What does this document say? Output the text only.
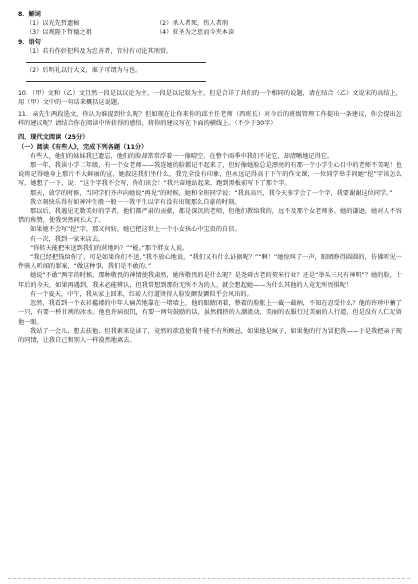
8．解词
（1）以光先哲遗稿	（2）杀人者死，伤人者刑
（3）以观陛下哲德之祖	（4）亚圣为之思而今夹本读
9．语句
（1）若有作奸犯科及为忠善者，宜付有司论其刑赏。
（2）后明礼以行大义，谁子可谓为与也。
10．（甲）文和（乙）文且然一段是以议论为主，一段是以记叙为主，但是合详了共们的一个相同的说题，请在结合（乙）文说宋的高结上，用（甲）文中的一句话来概括这说题。
11．亲先生两段选文，你认为谁提到什么呢？但如现在让你来你的邱主任老师（西班长）对今后的班级管理工作提出一条建议，你会提出怎样的建议呢？请结合你在阅读中所获得的感悟，将你的建议写在下面的横线上。（不少于30字）
四、现代文阅读（25分）
（一）阅读《有些人》，完成下列各题（11分）
有些人，他们的妹妹我已遗忘，他们的脸却常常浮着一一像晴空，在整个雨季中我们不见它，却清晰地记得它。
那一年，我读小学二年级，有一个女老师——我连她的脸都记不起来了，但好像她脸总是漂亮的有那一个小学生心目中的老师不美呢！也说将记得她身上那片不大鲜丽的宣，她叙这我们坐什么，我完全没有印象，但永远记得高于下午的作文课，一位同学举手问她“挖”字该怎么写，她想了一下，说：“这个字我不会写，你们该会！”我兴奋地站起来，跑到黑板前写下了那个字。
那天，放学的时候，当同学们齐声向她说“再见”的时候，她和全班同学说：“我真高兴，我今天多学会了一个字，我要谢谢这位同学。”
我立刻快乐得有如神冲生般一般一一我平生以字有没有出现那么自豪的时刻。
那以后，我遇见无数美好的学者，他们都严肃的贡献，都是深沉的老师，但他们教给我的，远不及那个女老师多。她的谦逊，她对人不容惜的称赞，使我突然间长大了。
如果她不会写“挖”字，那又何妨，她已把这世上一个小女孩心中宝贵的自信。
有一次，我到一家米店去。
“你转天能把米送到我们的营地吗？”“能。”那个胖女人说。
“我已经把钱给你了，可是如果你们不送，”我不放心地说，“我们又有什么证据呢？”“啊！”她惊叫了一声，眼睛睁得圆圆的，仿佛听见一件骇人听闻的罪案，“做这种事，我们是不敢的。”
她说“不敢”两字的时候，那种敬畏的神情使我肃然，她所敬畏的是什么呢？是尧舜古老的契米行业？还是“举头三尺有神明”？她的脸，十年后的今天，如果再遇到，我未必能辨认，但我常想到那份无所不为的人，就会想起她——为什么其他的人竟无所畏惧呢！
有一个夏天，中午，我从家上回来，红砖人行道烫得人脸发颤发颤似乎会风出的。
忽然，我看到一个衣衫褴褛的中年人痛苦地靠在一堵墙上，他的眼睛闭着，整着的脸胀上一截一截柄，不知在忍受什么？他的许珍中蓄了一只，有要一杯甘冽的冰水。他也许病很饥，有要一两句鼓励的话，虽然拥挤的人潮流动，美丽的衣服行过美丽的人行道，但是没有人仁足留他一眼。
我站了一会儿，想去扶他，但我素来是读了，竟然的欲意使我不能不有所顾忌，如果他是疯子，如果他的行为冒犯我——于是我把亲子现的同情，让我自己和别人一样漠然地离去。
